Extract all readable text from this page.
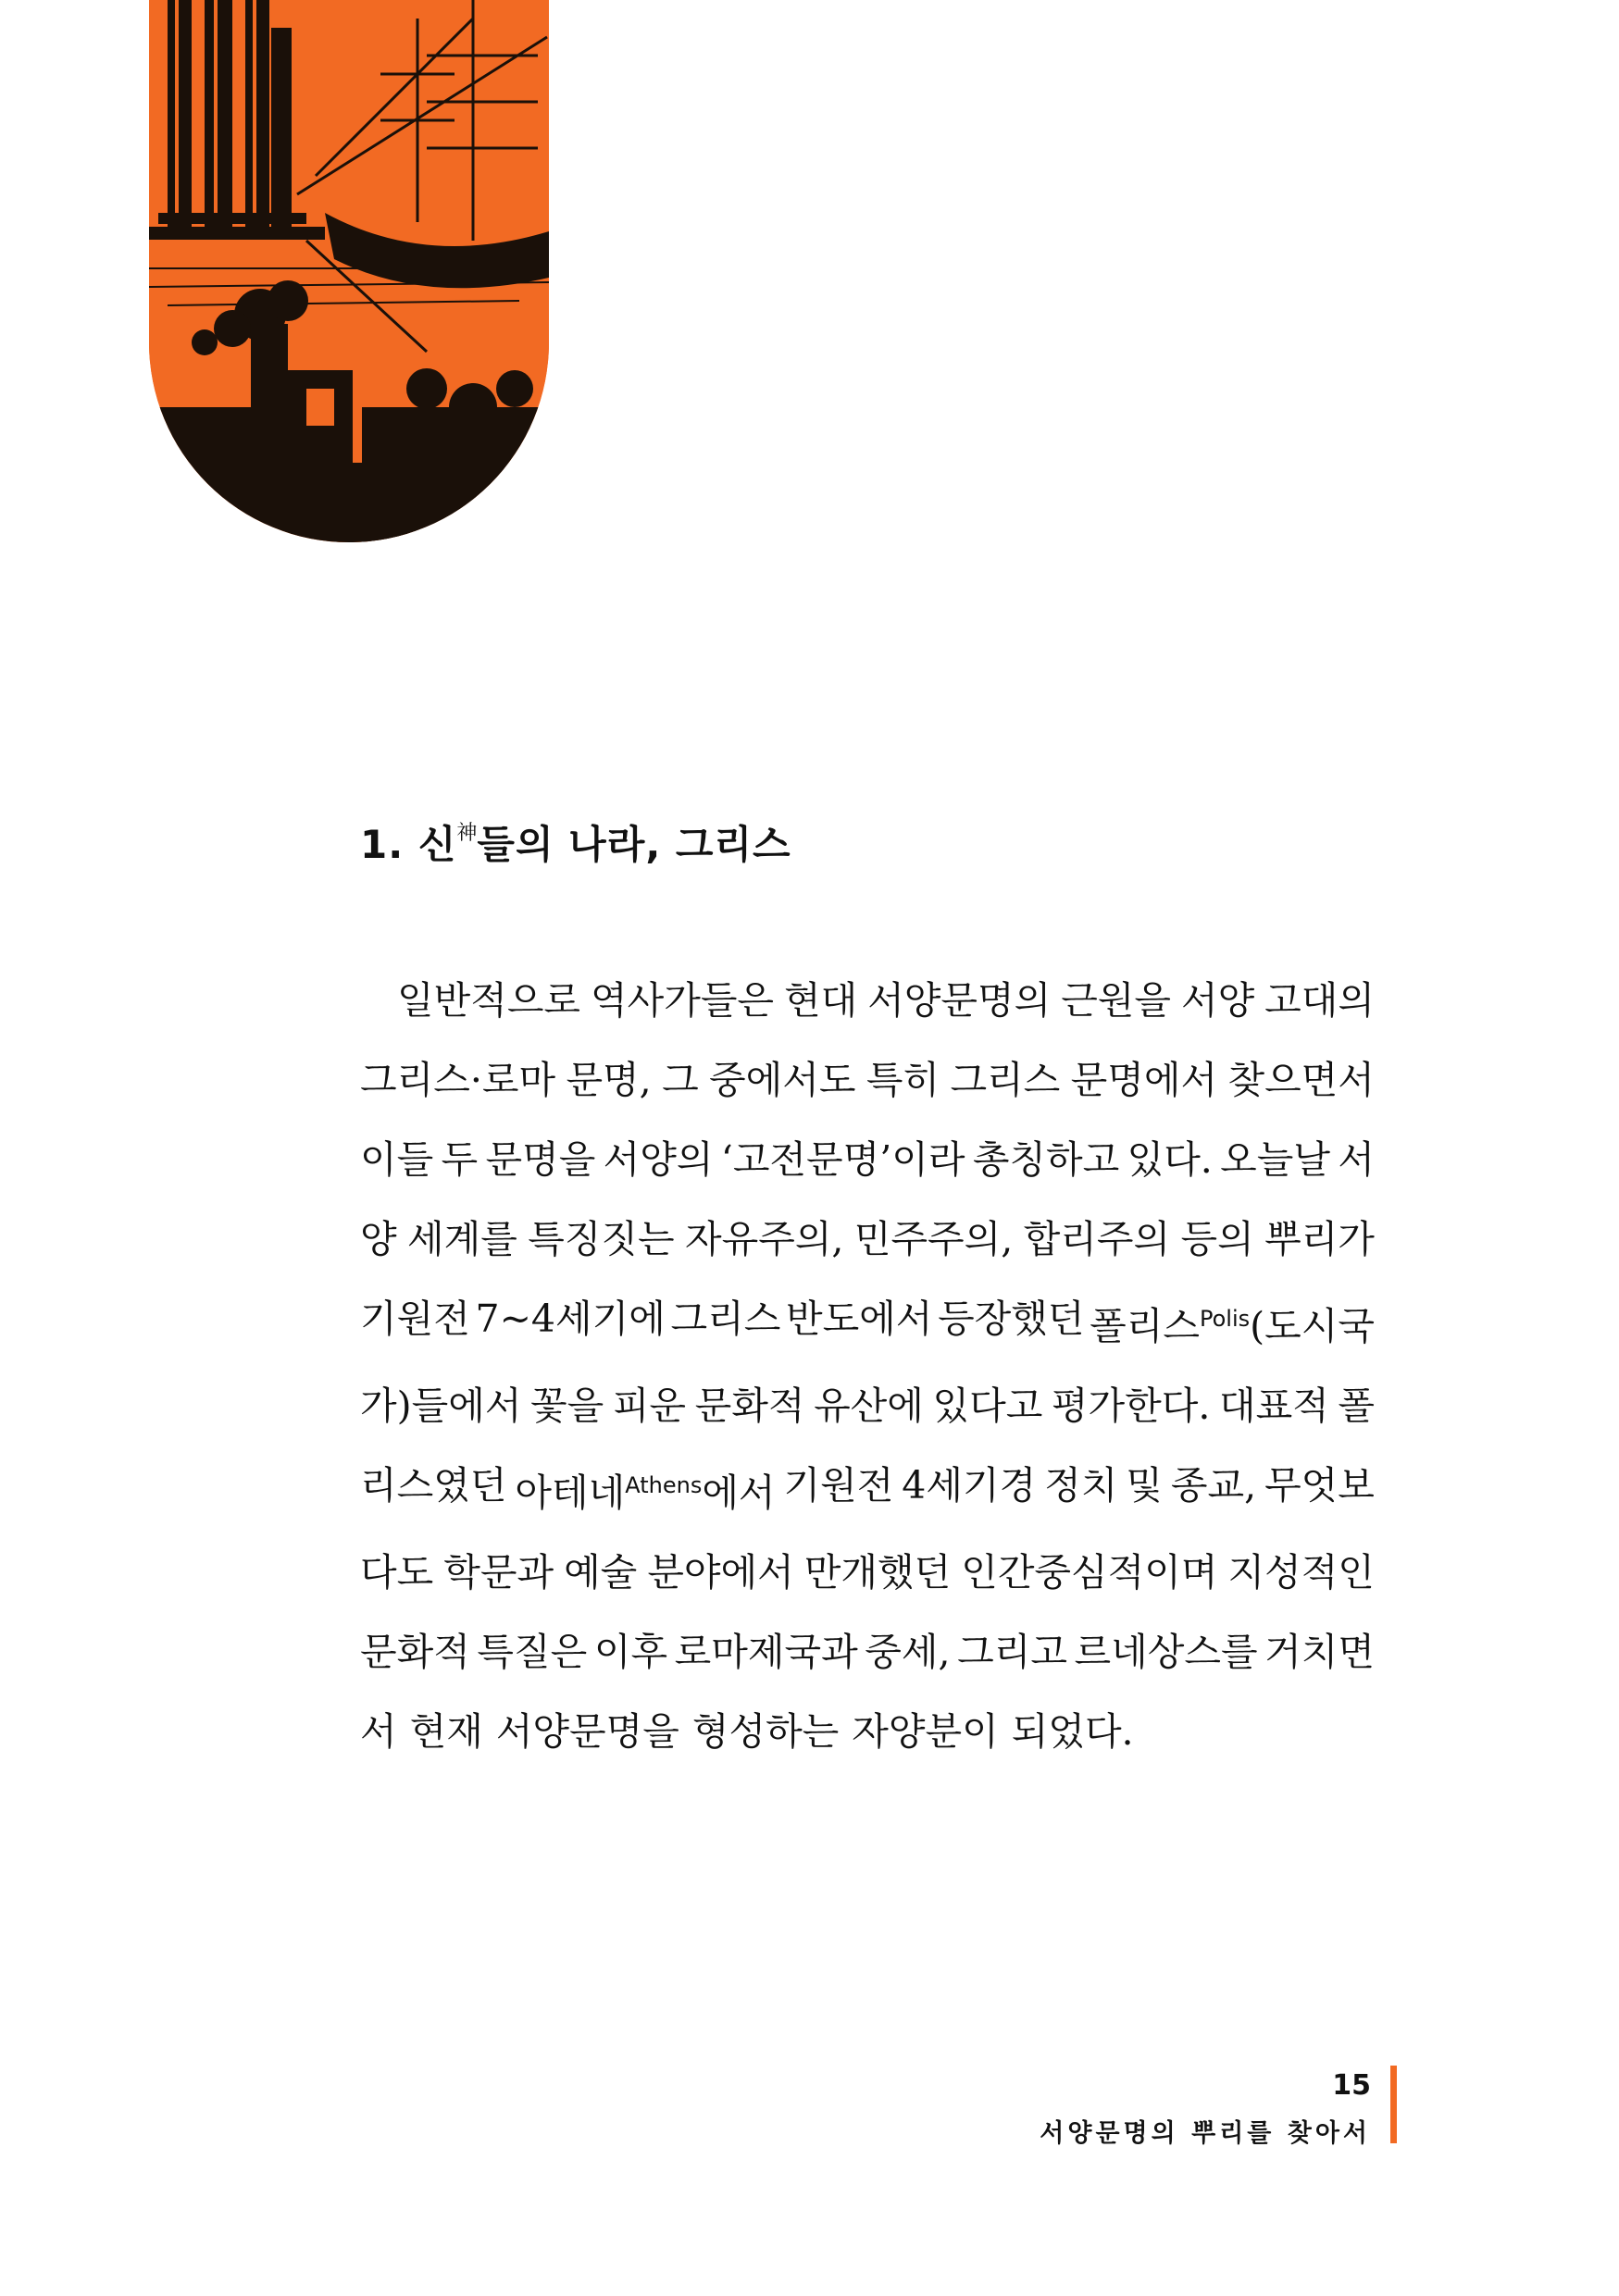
1. 신$^神$들의 나라, 그리스
일반적으로 역사가들은 현대 서양문명의 근원을 서양 고대의
그리스·로마 문명, 그 중에서도 특히 그리스 문명에서 찾으면서
이들 두 문명을 서양의 ‘고전문명’이라 총칭하고 있다. 오늘날 서
양 세계를 특징짓는 자유주의, 민주주의, 합리주의 등의 뿌리가
기원전 7~4세기에 그리스 반도에서 등장했던 폴리스$^{Polis}$(도시국
가)들에서 꽃을 피운 문화적 유산에 있다고 평가한다. 대표적 폴
리스였던 아테네$^{Athens}$에서 기원전 4세기경 정치 및 종교, 무엇보
다도 학문과 예술 분야에서 만개했던 인간중심적이며 지성적인
문화적 특질은 이후 로마제국과 중세, 그리고 르네상스를 거치면
서 현재 서양문명을 형성하는 자양분이 되었다.
15
서양문명의 뿌리를 찾아서
